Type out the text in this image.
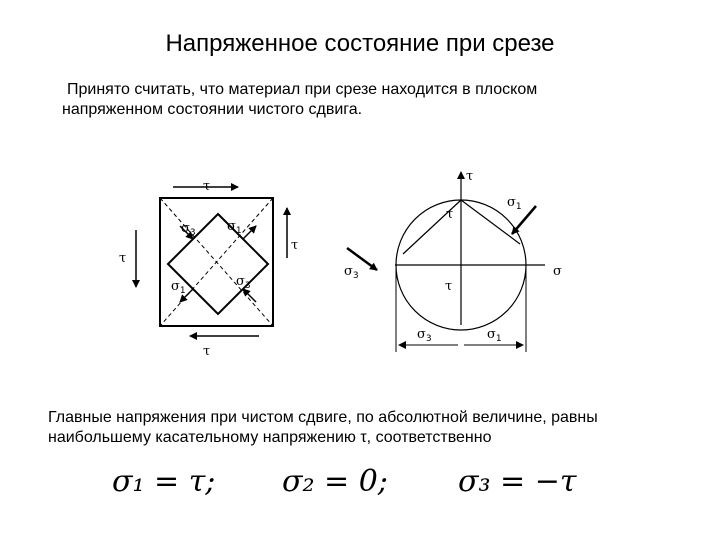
Напряженное состояние при срезе
Принято считать, что материал при срезе находится в плоском
напряженном состоянии чистого сдвига.
τ
τ
τ
τ
$\sigma_3$ $\sigma_1$
$\sigma_1$
$\sigma_3$
τ
τ
τ
σ
$\sigma_1$
$\sigma_3$
$\sigma_3$	$\sigma_1$
Главные напряжения при чистом сдвиге, по абсолютной величине, равны
наибольшему касательному напряжению τ, соответственно
σ₁ = τ; σ₂ = 0; σ₃ = −τ
